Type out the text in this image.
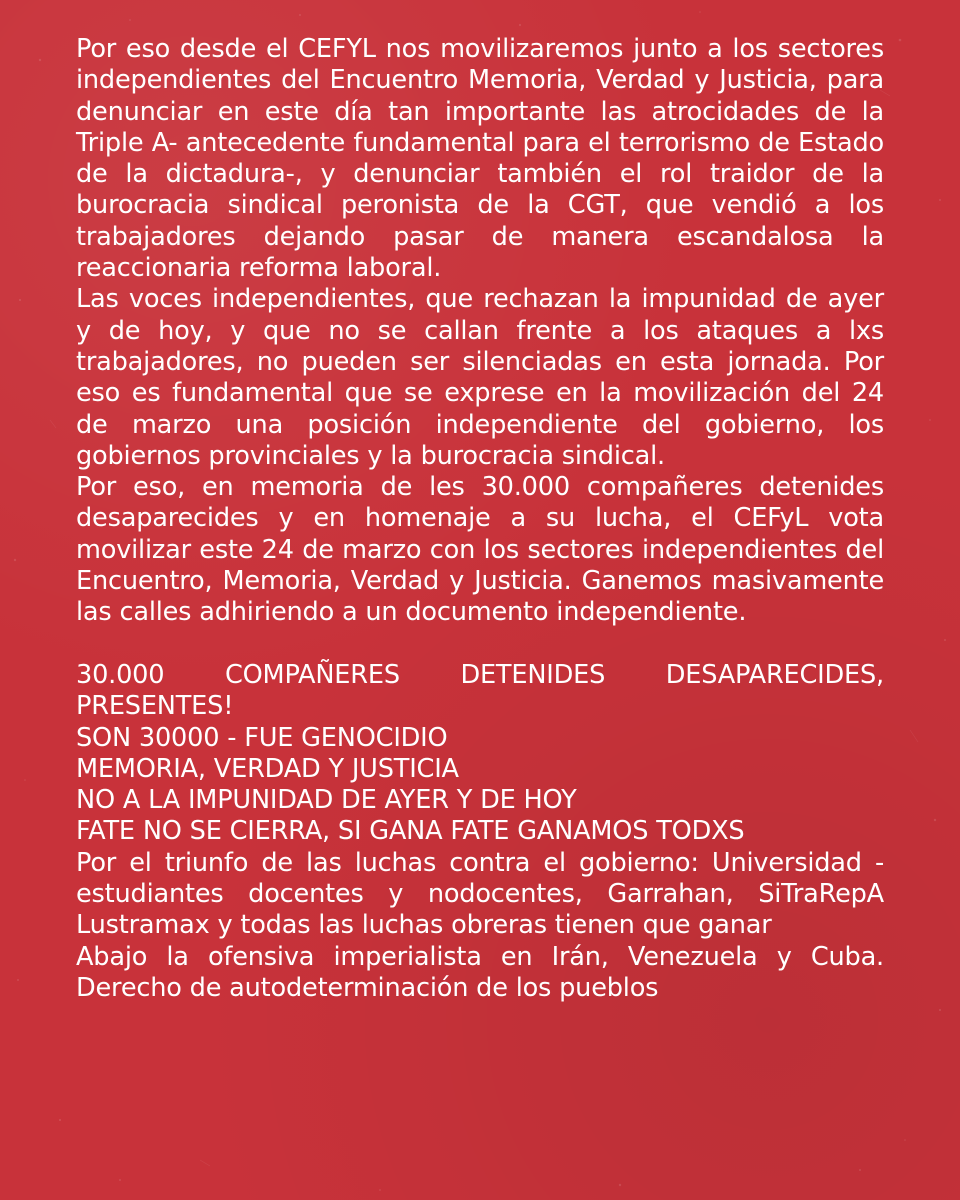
Por eso desde el CEFYL nos movilizaremos junto a los sectores independientes del Encuentro Memoria, Verdad y Justicia, para denunciar en este día tan importante las atrocidades de la Triple A- antecedente fundamental para el terrorismo de Estado de la dictadura-, y denunciar también el rol traidor de la burocracia sindical peronista de la CGT, que vendió a los trabajadores dejando pasar de manera escandalosa la reaccionaria reforma laboral.

Las voces independientes, que rechazan la impunidad de ayer y de hoy, y que no se callan frente a los ataques a lxs trabajadores, no pueden ser silenciadas en esta jornada. Por eso es fundamental que se exprese en la movilización del 24 de marzo una posición independiente del gobierno, los gobiernos provinciales y la burocracia sindical.

Por eso, en memoria de les 30.000 compañeres detenides desaparecides y en homenaje a su lucha, el CEFyL vota movilizar este 24 de marzo con los sectores independientes del Encuentro, Memoria, Verdad y Justicia. Ganemos masivamente las calles adhiriendo a un documento independiente.

30.000 COMPAÑERES DETENIDES DESAPARECIDES, PRESENTES!

SON 30000 - FUE GENOCIDIO

MEMORIA, VERDAD Y JUSTICIA

NO A LA IMPUNIDAD DE AYER Y DE HOY

FATE NO SE CIERRA, SI GANA FATE GANAMOS TODXS

Por el triunfo de las luchas contra el gobierno: Universidad - estudiantes docentes y nodocentes, Garrahan, SiTraRepA Lustramax y todas las luchas obreras tienen que ganar

Abajo la ofensiva imperialista en Irán, Venezuela y Cuba. Derecho de autodeterminación de los pueblos
